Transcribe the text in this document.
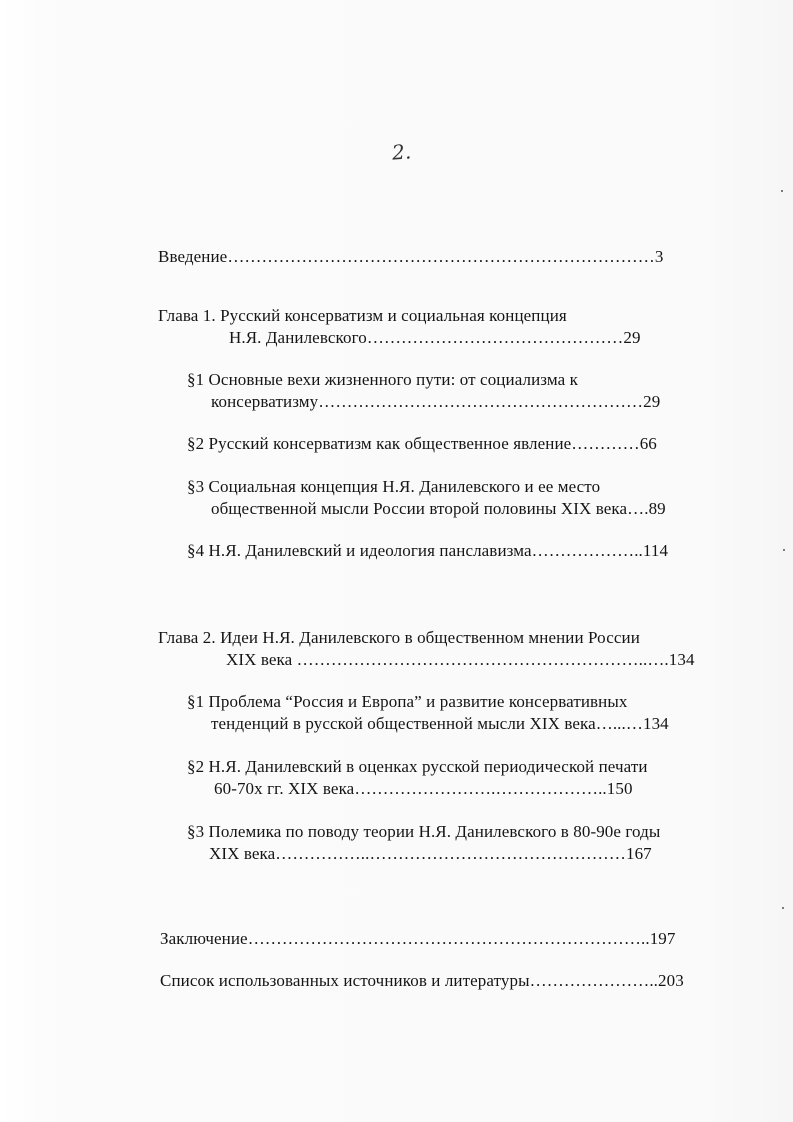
2.
Введение…………………………………………………………………3
Глава 1. Русский консерватизм и социальная концепция
Н.Я. Данилевского………………………………………29
§1 Основные вехи жизненного пути: от социализма к
консерватизму…………………………………………………29
§2 Русский консерватизм как общественное явление…………66
§3 Социальная концепция Н.Я. Данилевского и ее место
общественной мысли России второй половины XIX века….89
§4 Н.Я. Данилевский и идеология панславизма………………..114
Глава 2. Идеи Н.Я. Данилевского в общественном мнении России
XIX века ……………………………………………………..….134
§1 Проблема “Россия и Европа” и развитие консервативных
тенденций в русской общественной мысли XIX века…...…134
§2 Н.Я. Данилевский в оценках русской периодической печати
60-70х гг. XIX века…………………….………………..150
§3 Полемика по поводу теории Н.Я. Данилевского в 80-90е годы
XIX века……………..………………………………………167
Заключение……………………………………………………………..197
Список использованных источников и литературы…………………..203
